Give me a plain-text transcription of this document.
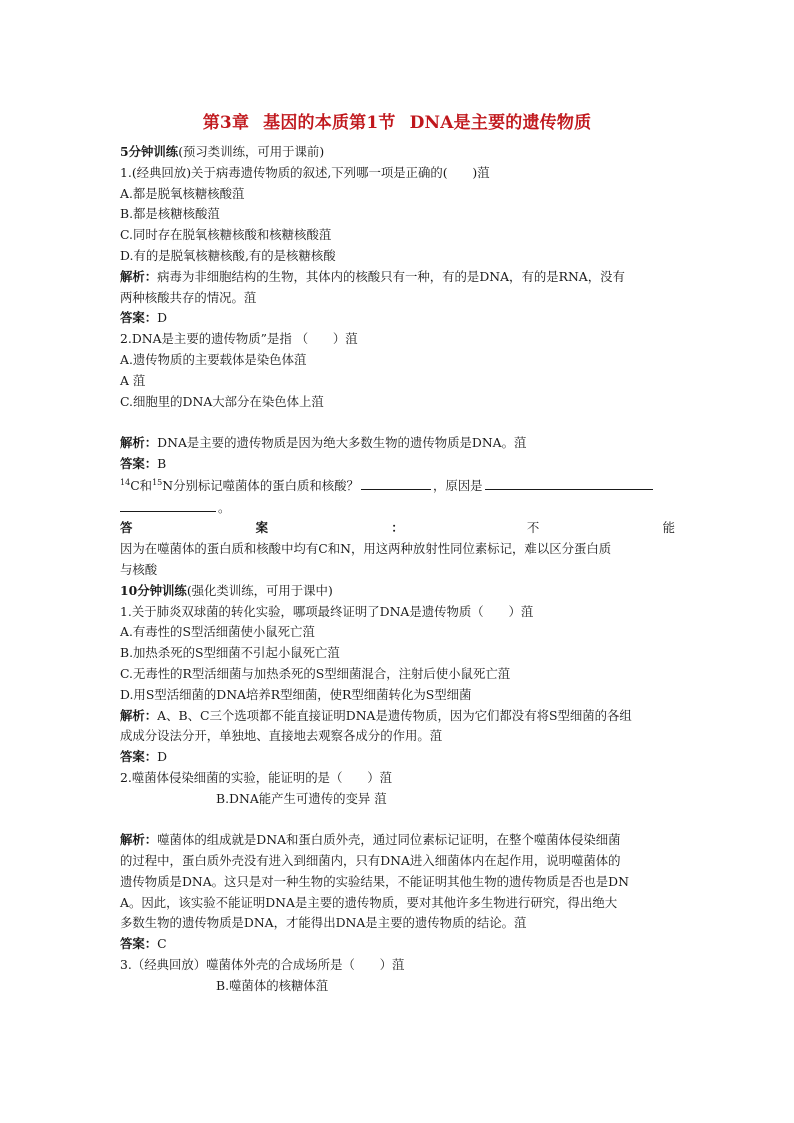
第3章 基因的本质第1节 DNA是主要的遗传物质
5分钟训练(预习类训练，可用于课前)
1.(经典回放)关于病毒遗传物质的叙述,下列哪一项是正确的(　　)菹
A.都是脱氧核糖核酸菹
B.都是核糖核酸菹
C.同时存在脱氧核糖核酸和核糖核酸菹
D.有的是脱氧核糖核酸,有的是核糖核酸
解析：病毒为非细胞结构的生物，其体内的核酸只有一种，有的是DNA，有的是RNA，没有
两种核酸共存的情况。菹
答案：D
2.DNA是主要的遗传物质”是指 （　　）菹
A.遗传物质的主要载体是染色体菹
A 菹
C.细胞里的DNA大部分在染色体上菹
解析：DNA是主要的遗传物质是因为绝大多数生物的遗传物质是DNA。菹
答案：B
$^{14}$C和$^{15}$N分别标记噬菌体的蛋白质和核酸？	，原因是
。
答	案	：	不	能
因为在噬菌体的蛋白质和核酸中均有C和N，用这两种放射性同位素标记，难以区分蛋白质
与核酸
10分钟训练(强化类训练，可用于课中)
1.关于肺炎双球菌的转化实验，哪项最终证明了DNA是遗传物质（　　）菹
A.有毒性的S型活细菌使小鼠死亡菹
B.加热杀死的S型细菌不引起小鼠死亡菹
C.无毒性的R型活细菌与加热杀死的S型细菌混合，注射后使小鼠死亡菹
D.用S型活细菌的DNA培养R型细菌，使R型细菌转化为S型细菌
解析：A、B、C三个选项都不能直接证明DNA是遗传物质，因为它们都没有将S型细菌的各组
成成分设法分开，单独地、直接地去观察各成分的作用。菹
答案：D
2.噬菌体侵染细菌的实验，能证明的是（　　）菹
B.DNA能产生可遗传的变异 菹
解析：噬菌体的组成就是DNA和蛋白质外壳，通过同位素标记证明，在整个噬菌体侵染细菌
的过程中，蛋白质外壳没有进入到细菌内，只有DNA进入细菌体内在起作用，说明噬菌体的
遗传物质是DNA。这只是对一种生物的实验结果，不能证明其他生物的遗传物质是否也是DN
A。因此，该实验不能证明DNA是主要的遗传物质，要对其他许多生物进行研究，得出绝大
多数生物的遗传物质是DNA，才能得出DNA是主要的遗传物质的结论。菹
答案：C
3.（经典回放）噬菌体外壳的合成场所是（　　）菹
B.噬菌体的核糖体菹
